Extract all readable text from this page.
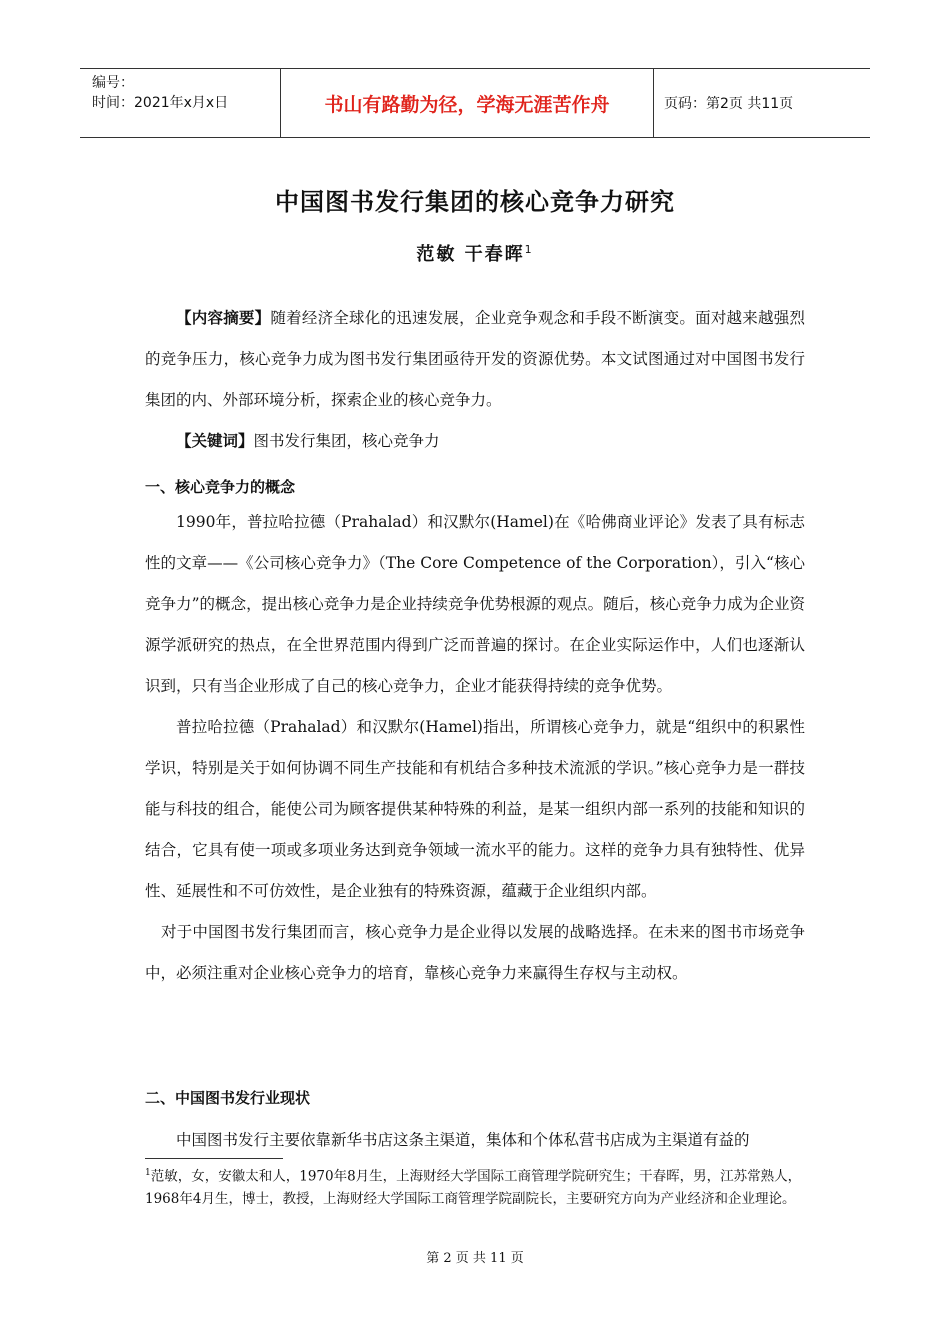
编号：
时间：2021年x月x日	书山有路勤为径，学海无涯苦作舟	页码：第2页 共11页
中国图书发行集团的核心竞争力研究
范敏 干春晖$^1$

【内容摘要】随着经济全球化的迅速发展，企业竞争观念和手段不断演变。面对越来越强烈的竞争压力，核心竞争力成为图书发行集团亟待开发的资源优势。本文试图通过对中国图书发行集团的内、外部环境分析，探索企业的核心竞争力。

【关键词】图书发行集团，核心竞争力

一、核心竞争力的概念

1990年，普拉哈拉德（Prahalad）和汉默尔(Hamel)在《哈佛商业评论》发表了具有标志性的文章——《公司核心竞争力》（The Core Competence of the Corporation），引入“核心竞争力”的概念，提出核心竞争力是企业持续竞争优势根源的观点。随后，核心竞争力成为企业资源学派研究的热点，在全世界范围内得到广泛而普遍的探讨。在企业实际运作中，人们也逐渐认识到，只有当企业形成了自己的核心竞争力，企业才能获得持续的竞争优势。

普拉哈拉德（Prahalad）和汉默尔(Hamel)指出，所谓核心竞争力，就是“组织中的积累性学识，特别是关于如何协调不同生产技能和有机结合多种技术流派的学识。”核心竞争力是一群技能与科技的组合，能使公司为顾客提供某种特殊的利益，是某一组织内部一系列的技能和知识的结合，它具有使一项或多项业务达到竞争领域一流水平的能力。这样的竞争力具有独特性、优异性、延展性和不可仿效性，是企业独有的特殊资源，蕴藏于企业组织内部。

对于中国图书发行集团而言，核心竞争力是企业得以发展的战略选择。在未来的图书市场竞争中，必须注重对企业核心竞争力的培育，靠核心竞争力来赢得生存权与主动权。

二、中国图书发行业现状

中国图书发行主要依靠新华书店这条主渠道，集体和个体私营书店成为主渠道有益的

$^1$范敏，女，安徽太和人，1970年8月生，上海财经大学国际工商管理学院研究生；干春晖，男，江苏常熟人，1968年4月生，博士，教授，上海财经大学国际工商管理学院副院长，主要研究方向为产业经济和企业理论。
第 2 页 共 11 页
